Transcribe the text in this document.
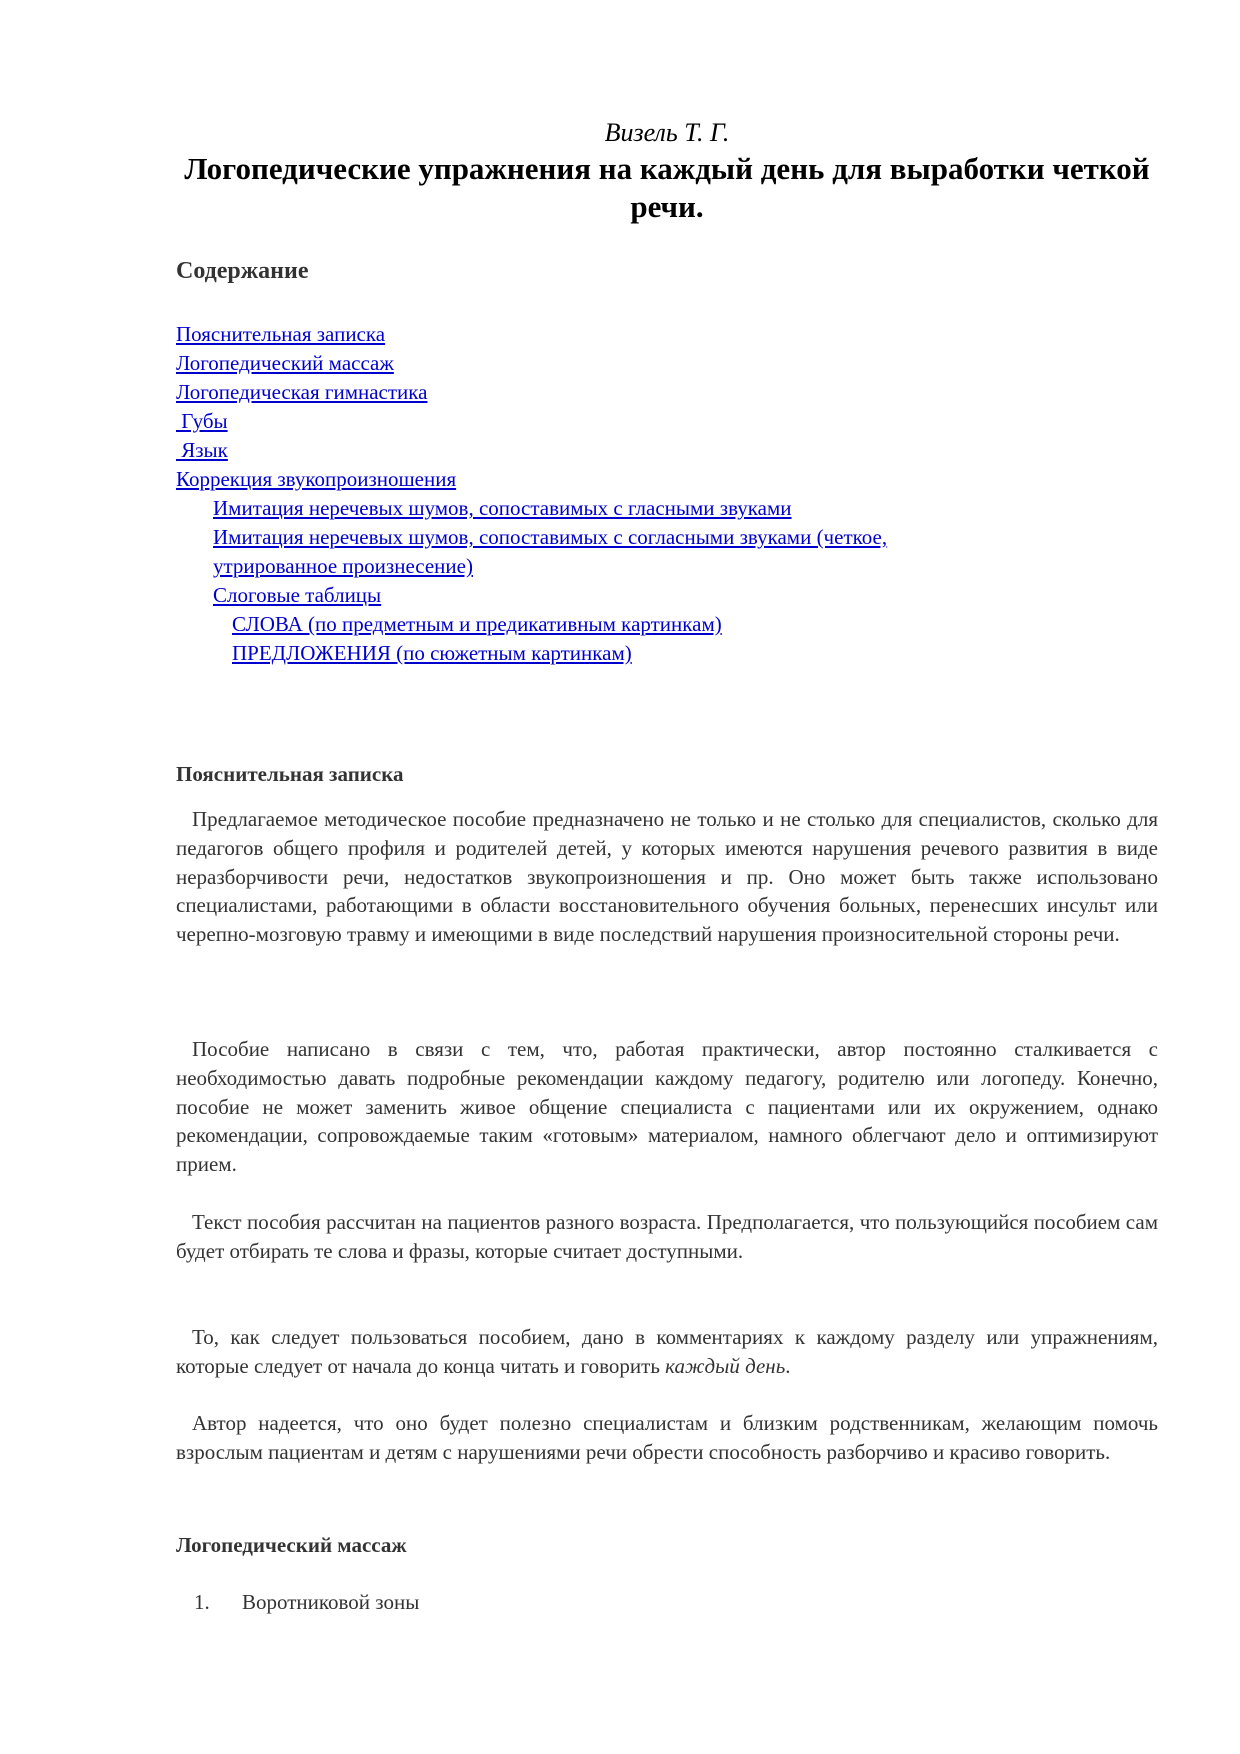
Визель Т. Г.
Логопедические упражнения на каждый день для выработки четкой речи.
Содержание
Пояснительная записка
Логопедический массаж
Логопедическая гимнастика
Губы
Язык
Коррекция звукопроизношения
Имитация неречевых шумов, сопоставимых с гласными звуками
Имитация неречевых шумов, сопоставимых с согласными звуками (четкое, утрированное произнесение)
Слоговые таблицы
СЛОВА (по предметным и предикативным картинкам)
ПРЕДЛОЖЕНИЯ (по сюжетным картинкам)
Пояснительная записка

Предлагаемое методическое пособие предназначено не только и не столько для специалистов, сколько для педагогов общего профиля и родителей детей, у которых имеются нарушения речевого развития в виде неразборчивости речи, недостатков звукопроизношения и пр. Оно может быть также использовано специалистами, работающими в области восстановительного обучения больных, перенесших инсульт или черепно-мозговую травму и имеющими в виде последствий нарушения произносительной стороны речи.

Пособие написано в связи с тем, что, работая практически, автор постоянно сталкивается с необходимостью давать подробные рекомендации каждому педагогу, родителю или логопеду. Конечно, пособие не может заменить живое общение специалиста с пациентами или их окружением, однако рекомендации, сопровождаемые таким «готовым» материалом, намного облегчают дело и оптимизируют прием.

Текст пособия рассчитан на пациентов разного возраста. Предполагается, что пользующийся пособием сам будет отбирать те слова и фразы, которые считает доступными.

То, как следует пользоваться пособием, дано в комментариях к каждому разделу или упражнениям, которые следует от начала до конца читать и говорить каждый день.

Автор надеется, что оно будет полезно специалистам и близким родственникам, желающим помочь взрослым пациентам и детям с нарушениями речи обрести способность разборчиво и красиво говорить.

Логопедический массаж
1. Воротниковой зоны
